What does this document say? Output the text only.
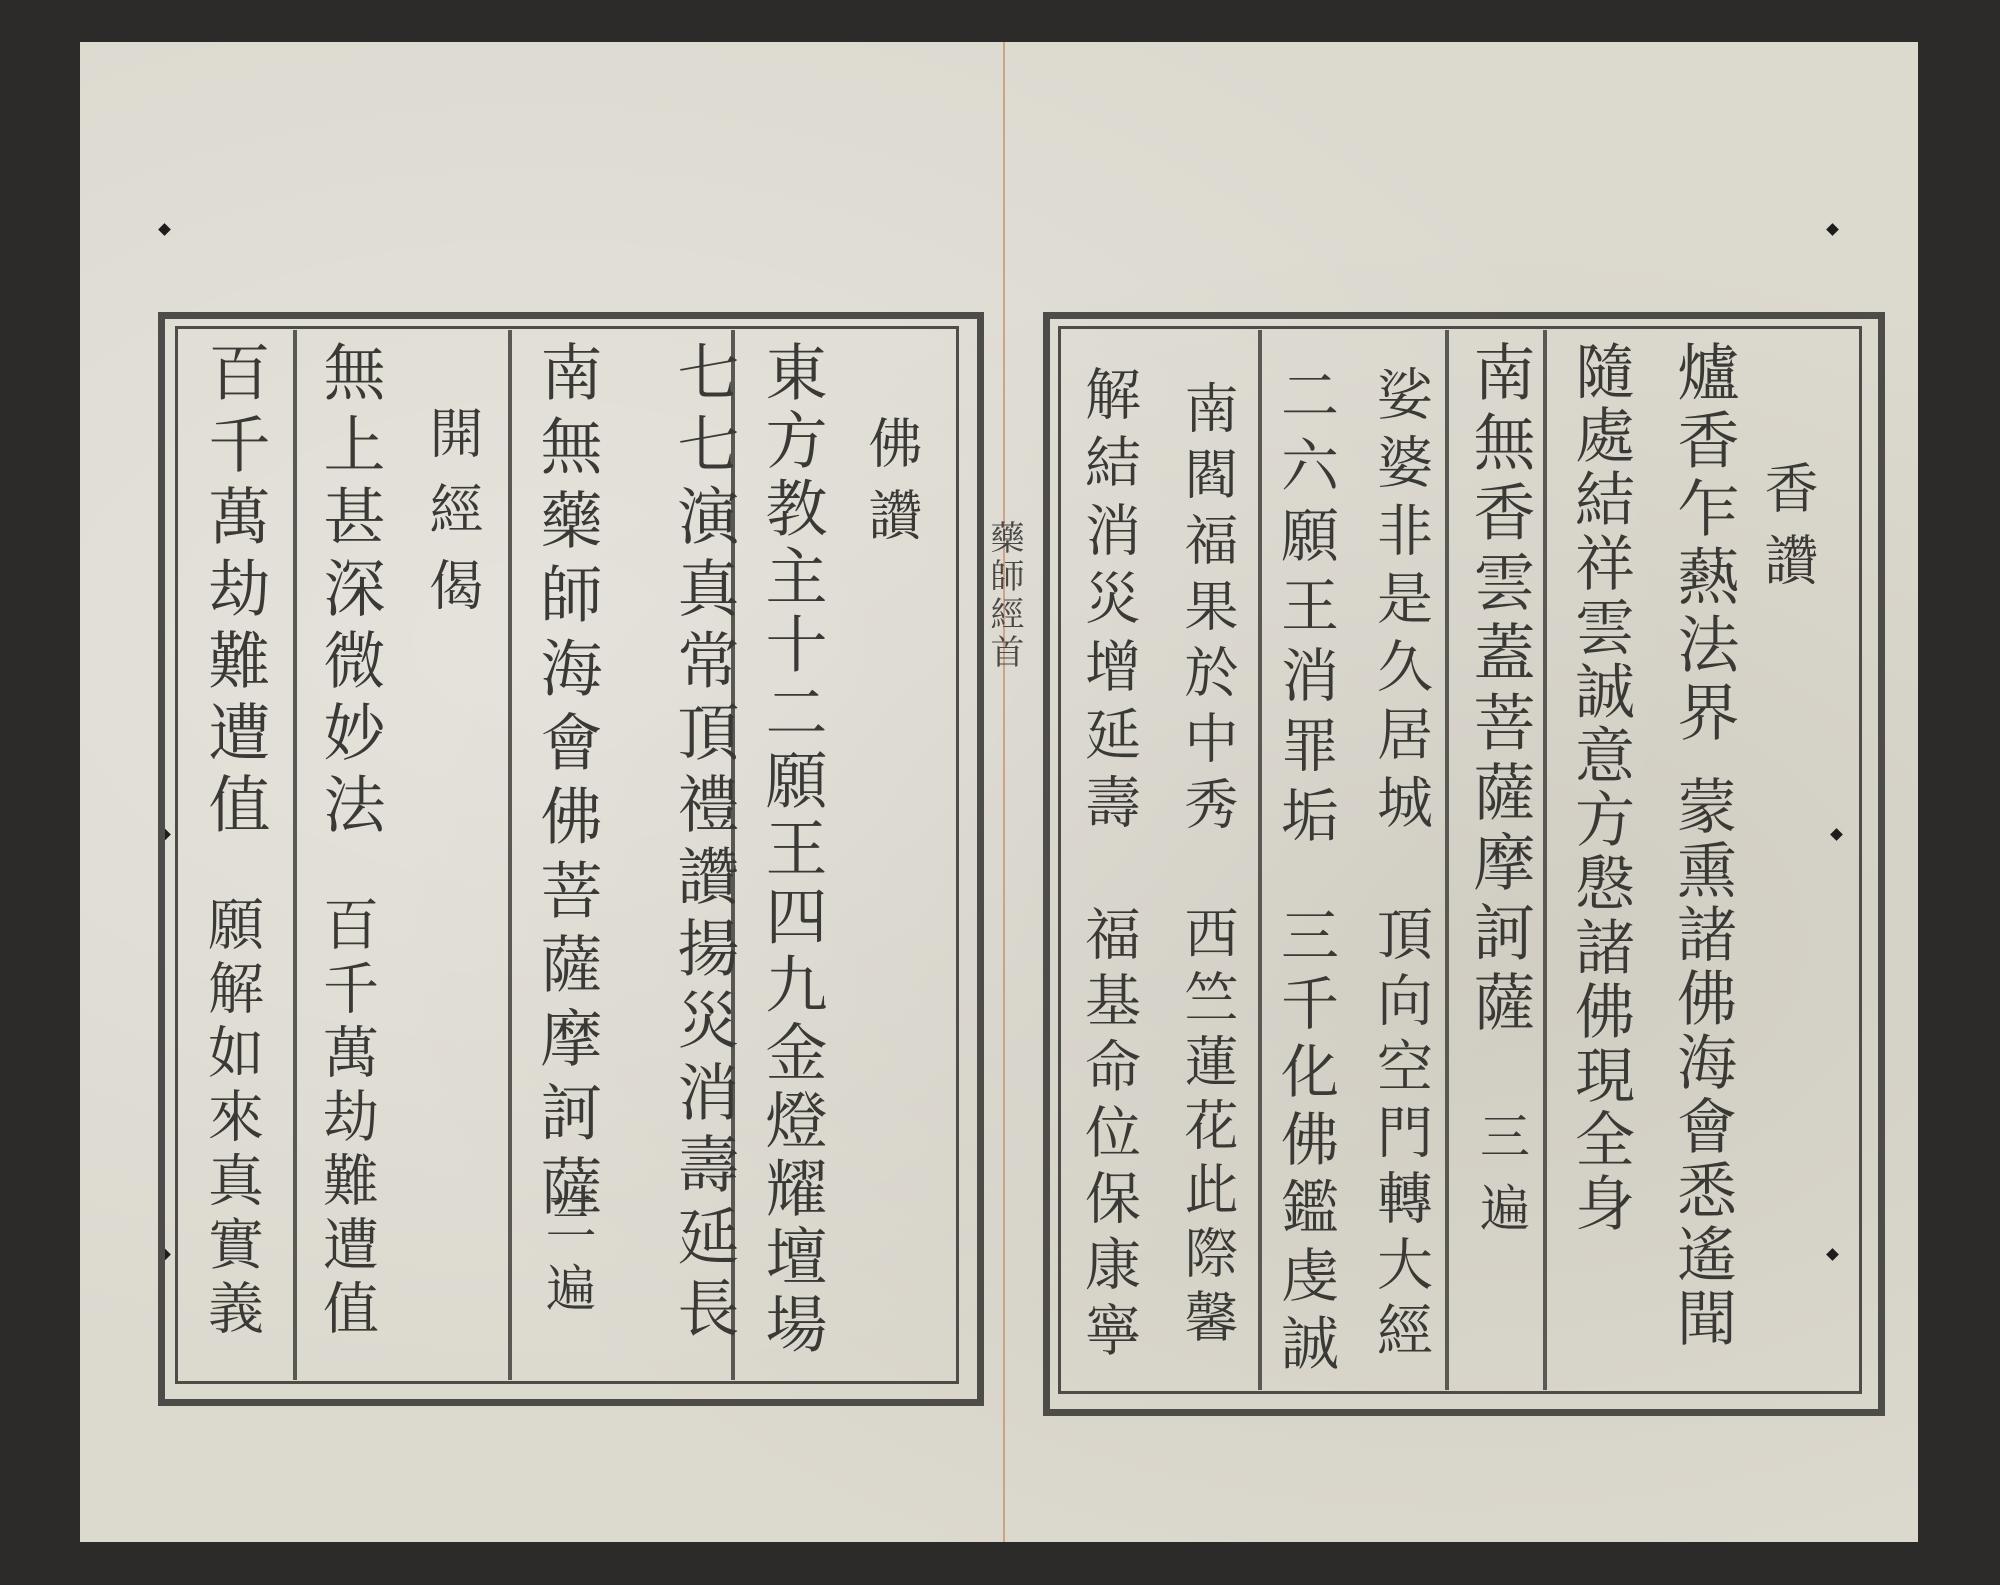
藥師經首
佛讚
東方教主十二願王四九金燈耀壇場
七七演真常頂禮讚揚災消壽延長
南無藥師海會佛菩薩摩訶薩
三遍
開經偈
無上甚深微妙法
百千萬劫難遭值
百千萬劫難遭值
願解如來真實義
香讚
爐香乍爇法界
蒙熏諸佛海會悉遙聞
隨處結祥雲誠意方慇諸佛現全身
南無香雲蓋菩薩摩訶薩
三遍
娑婆非是久居城
頂向空門轉大經
二六願王消罪垢
三千化佛鑑虔誠
南閻福果於中秀
西竺蓮花此際馨
解結消災增延壽
福基命位保康寧
